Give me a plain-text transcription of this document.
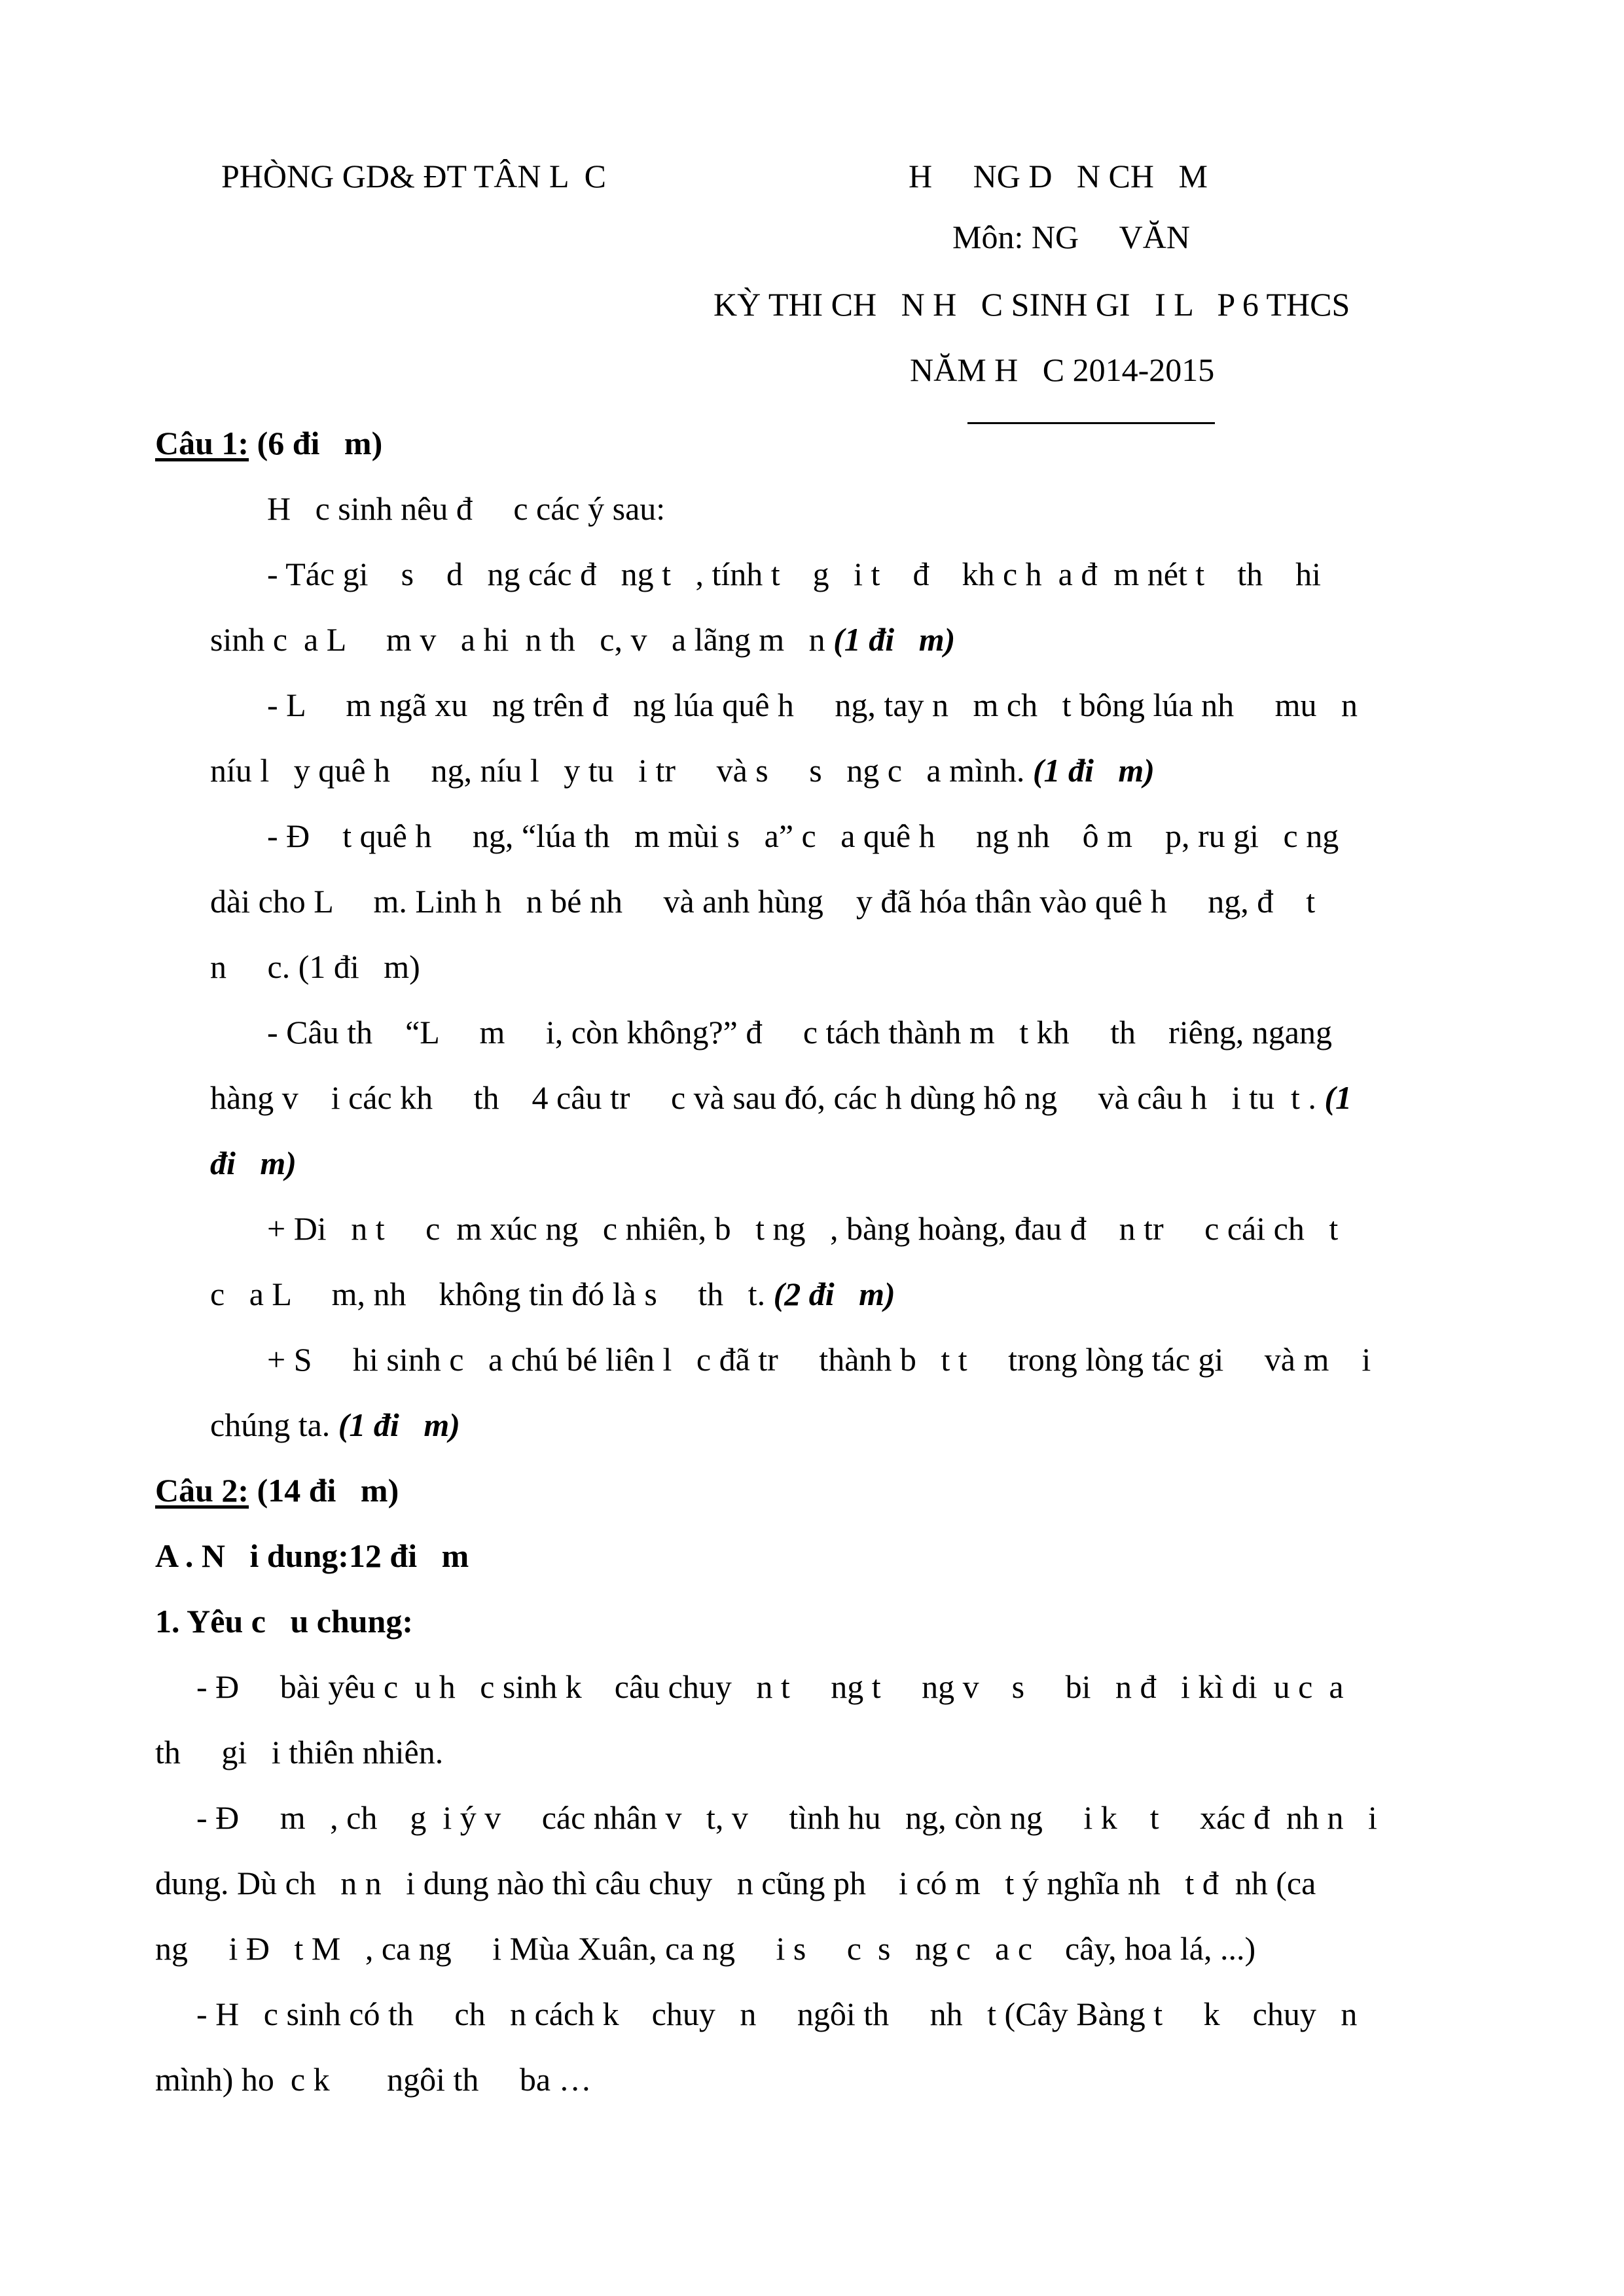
PHÒNG GD& ĐT TÂN L  C	H     NG D   N CH   M
Môn: NG     VĂN
KỲ THI CH   N H   C SINH GI   I L   P 6 THCS
NĂM H   C 2014-2015
Câu 1: (6 đi   m)
H   c sinh nêu đ     c các ý sau:
- Tác gi    s    d   ng các đ   ng t   , tính t    g   i t    đ    kh c h  a đ  m nét t    th    hi
sinh c  a L     m v   a hi  n th   c, v   a lãng m   n (1 đi   m)
- L     m ngã xu   ng trên đ   ng lúa quê h     ng, tay n   m ch   t bông lúa nh     mu   n
níu l   y quê h     ng, níu l   y tu   i tr     và s     s   ng c   a mình. (1 đi   m)
- Đ    t quê h     ng, “lúa th   m mùi s   a” c   a quê h     ng nh    ô m    p, ru gi   c ng
dài cho L     m. Linh h   n bé nh     và anh hùng    y đã hóa thân vào quê h     ng, đ    t
n     c. (1 đi   m)
- Câu th    “L     m     i, còn không?” đ     c tách thành m   t kh     th    riêng, ngang
hàng v    i các kh     th    4 câu tr     c và sau đó, các h dùng hô ng     và câu h   i tu  t . (1
đi   m)
+ Di   n t     c  m xúc ng   c nhiên, b   t ng   , bàng hoàng, đau đ    n tr     c cái ch   t
c   a L     m, nh    không tin đó là s     th   t. (2 đi   m)
+ S     hi sinh c   a chú bé liên l   c đã tr     thành b   t t     trong lòng tác gi     và m    i
chúng ta. (1 đi   m)
Câu 2: (14 đi   m)
A . N   i dung:12 đi   m
1. Yêu c   u chung:
- Đ     bài yêu c  u h   c sinh k    câu chuy   n t     ng t     ng v    s     bi   n đ   i kì di  u c  a
th     gi   i thiên nhiên.
- Đ     m   , ch    g  i ý v     các nhân v   t, v     tình hu   ng, còn ng     i k    t     xác đ  nh n   i
dung. Dù ch   n n   i dung nào thì câu chuy   n cũng ph    i có m   t ý nghĩa nh   t đ  nh (ca
ng     i Đ   t M   , ca ng     i Mùa Xuân, ca ng     i s     c  s   ng c   a c    cây, hoa lá, ...)
- H   c sinh có th     ch   n cách k    chuy   n     ngôi th     nh   t (Cây Bàng t     k    chuy   n
mình) ho  c k       ngôi th     ba …
